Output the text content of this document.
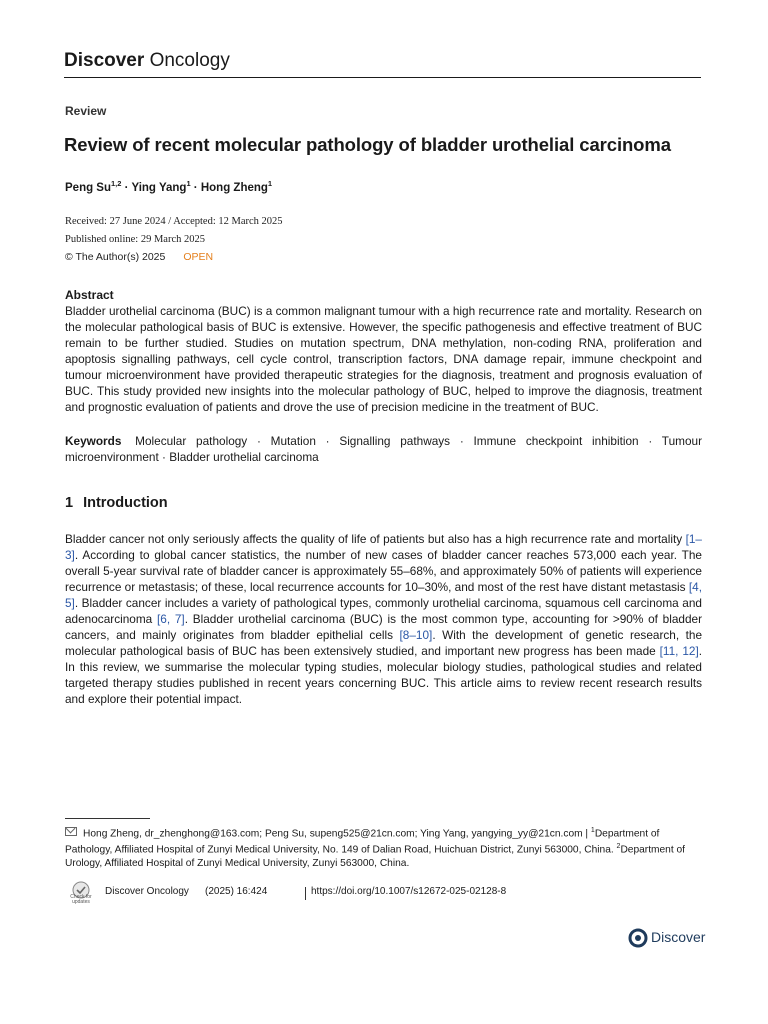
Discover Oncology
Review
Review of recent molecular pathology of bladder urothelial carcinoma
Peng Su$^{1,2}$ · Ying Yang$^1$ · Hong Zheng$^1$
Received: 27 June 2024 / Accepted: 12 March 2025
Published online: 29 March 2025
© The Author(s) 2025 OPEN
Abstract
Bladder urothelial carcinoma (BUC) is a common malignant tumour with a high recurrence rate and mortality. Research on the molecular pathological basis of BUC is extensive. However, the specific pathogenesis and effective treatment of BUC remain to be further studied. Studies on mutation spectrum, DNA methylation, non-coding RNA, proliferation and apoptosis signalling pathways, cell cycle control, transcription factors, DNA damage repair, immune checkpoint and tumour microenvironment have provided therapeutic strategies for the diagnosis, treatment and prognosis evaluation of BUC. This study provided new insights into the molecular pathology of BUC, helped to improve the diagnosis, treatment and prognostic evaluation of patients and drove the use of precision medicine in the treatment of BUC.
Keywords Molecular pathology · Mutation · Signalling pathways · Immune checkpoint inhibition · Tumour microenvironment · Bladder urothelial carcinoma
1 Introduction
Bladder cancer not only seriously affects the quality of life of patients but also has a high recurrence rate and mortality [1–3]. According to global cancer statistics, the number of new cases of bladder cancer reaches 573,000 each year. The overall 5-year survival rate of bladder cancer is approximately 55–68%, and approximately 50% of patients will experience recurrence or metastasis; of these, local recurrence accounts for 10–30%, and most of the rest have distant metastasis [4, 5]. Bladder cancer includes a variety of pathological types, commonly urothelial carcinoma, squamous cell carcinoma and adenocarcinoma [6, 7]. Bladder urothelial carcinoma (BUC) is the most common type, accounting for >90% of bladder cancers, and mainly originates from bladder epithelial cells [8–10]. With the development of genetic research, the molecular pathological basis of BUC has been extensively studied, and important new progress has been made [11, 12]. In this review, we summarise the molecular typing studies, molecular biology studies, pathological studies and related targeted therapy studies published in recent years concerning BUC. This article aims to review recent research results and explore their potential impact.
Hong Zheng, dr_zhenghong@163.com; Peng Su, supeng525@21cn.com; Ying Yang, yangying_yy@21cn.com | $^1$Department of Pathology, Affiliated Hospital of Zunyi Medical University, No. 149 of Dalian Road, Huichuan District, Zunyi 563000, China. $^2$Department of Urology, Affiliated Hospital of Zunyi Medical University, Zunyi 563000, China.
Check for updates
Discover Oncology (2025) 16:424	https://doi.org/10.1007/s12672-025-02128-8
Discover
